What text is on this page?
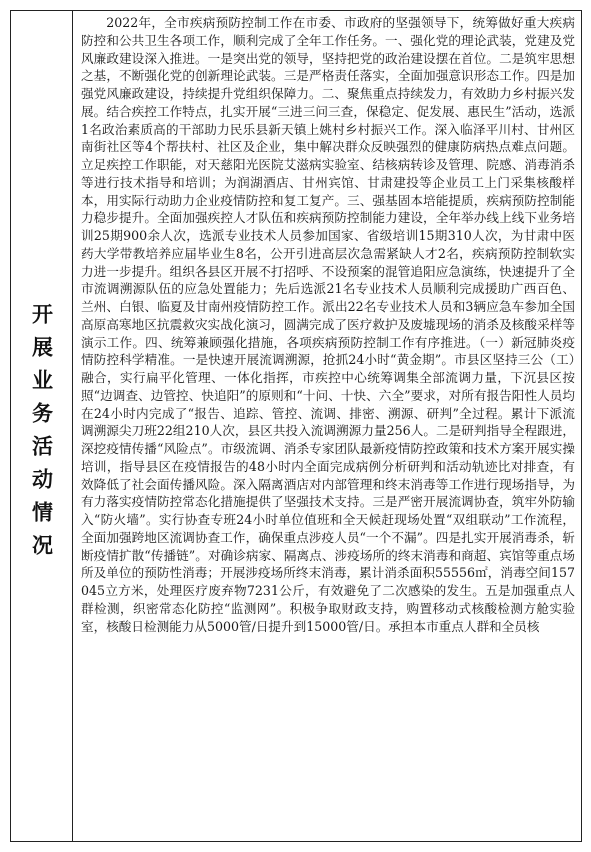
开展业务活动情况

2022年，全市疾病预防控制工作在市委、市政府的坚强领导下，统筹做好重大疾病防控和公共卫生各项工作，顺利完成了全年工作任务。一、强化党的理论武装，党建及党风廉政建设深入推进。一是突出党的领导，坚持把党的政治建设摆在首位。二是筑牢思想之基，不断强化党的创新理论武装。三是严格责任落实，全面加强意识形态工作。四是加强党风廉政建设，持续提升党组织保障力。二、聚焦重点持续发力，有效助力乡村振兴发展。结合疾控工作特点，扎实开展“三进三问三查，保稳定、促发展、惠民生”活动，选派1名政治素质高的干部助力民乐县新天镇上姚村乡村振兴工作。深入临泽平川村、甘州区南街社区等4个帮扶村、社区及企业，集中解决群众反映强烈的健康防病热点难点问题。立足疾控工作职能，对天慈阳光医院艾滋病实验室、结核病转诊及管理、院感、消毒消杀等进行技术指导和培训；为润湖酒店、甘州宾馆、甘肃建投等企业员工上门采集核酸样本，用实际行动助力企业疫情防控和复工复产。三、强基固本培能提质，疾病预防控制能力稳步提升。全面加强疾控人才队伍和疾病预防控制能力建设，全年举办线上线下业务培训25期900余人次，选派专业技术人员参加国家、省级培训15期310人次，为甘肃中医药大学带教培养应届毕业生8名，公开引进高层次急需紧缺人才2名，疾病预防控制软实力进一步提升。组织各县区开展不打招呼、不设预案的混管追阳应急演练，快速提升了全市流调溯源队伍的应急处置能力；先后选派21名专业技术人员顺利完成援助广西百色、兰州、白银、临夏及甘南州疫情防控工作。派出22名专业技术人员和3辆应急车参加全国高原高寒地区抗震救灾实战化演习，圆满完成了医疗救护及废墟现场的消杀及核酸采样等演示工作。四、统筹兼顾强化措施，各项疾病预防控制工作有序推进。（一）新冠肺炎疫情防控科学精准。一是快速开展流调溯源，抢抓24小时“黄金期”。市县区坚持三公（工）融合，实行扁平化管理、一体化指挥，市疾控中心统筹调集全部流调力量，下沉县区按照“边调查、边管控、快追阳”的原则和“十问、十快、六全”要求，对所有报告阳性人员均在24小时内完成了“报告、追踪、管控、流调、排密、溯源、研判”全过程。累计下派流调溯源尖刀班22组210人次，县区共投入流调溯源力量256人。二是研判指导全程跟进，深挖疫情传播“风险点”。市级流调、消杀专家团队最新疫情防控政策和技术方案开展实操培训，指导县区在疫情报告的48小时内全面完成病例分析研判和活动轨迹比对排查，有效降低了社会面传播风险。深入隔离酒店对内部管理和终末消毒等工作进行现场指导，为有力落实疫情防控常态化措施提供了坚强技术支持。三是严密开展流调协查，筑牢外防输入“防火墙”。实行协查专班24小时单位值班和全天候赶现场处置“双组联动”工作流程，全面加强跨地区流调协查工作，确保重点涉疫人员“一个不漏”。四是扎实开展消毒杀，斩断疫情扩散“传播链”。对确诊病家、隔离点、涉疫场所的终末消毒和商超、宾馆等重点场所及单位的预防性消毒；开展涉疫场所终末消毒，累计消杀面积55556㎡，消毒空间157045立方米，处理医疗废弃物7231公斤，有效避免了二次感染的发生。五是加强重点人群检测，织密常态化防控“监测网”。积极争取财政支持，购置移动式核酸检测方舱实验室，核酸日检测能力从5000管/日提升到15000管/日。承担本市重点人群和全员核
